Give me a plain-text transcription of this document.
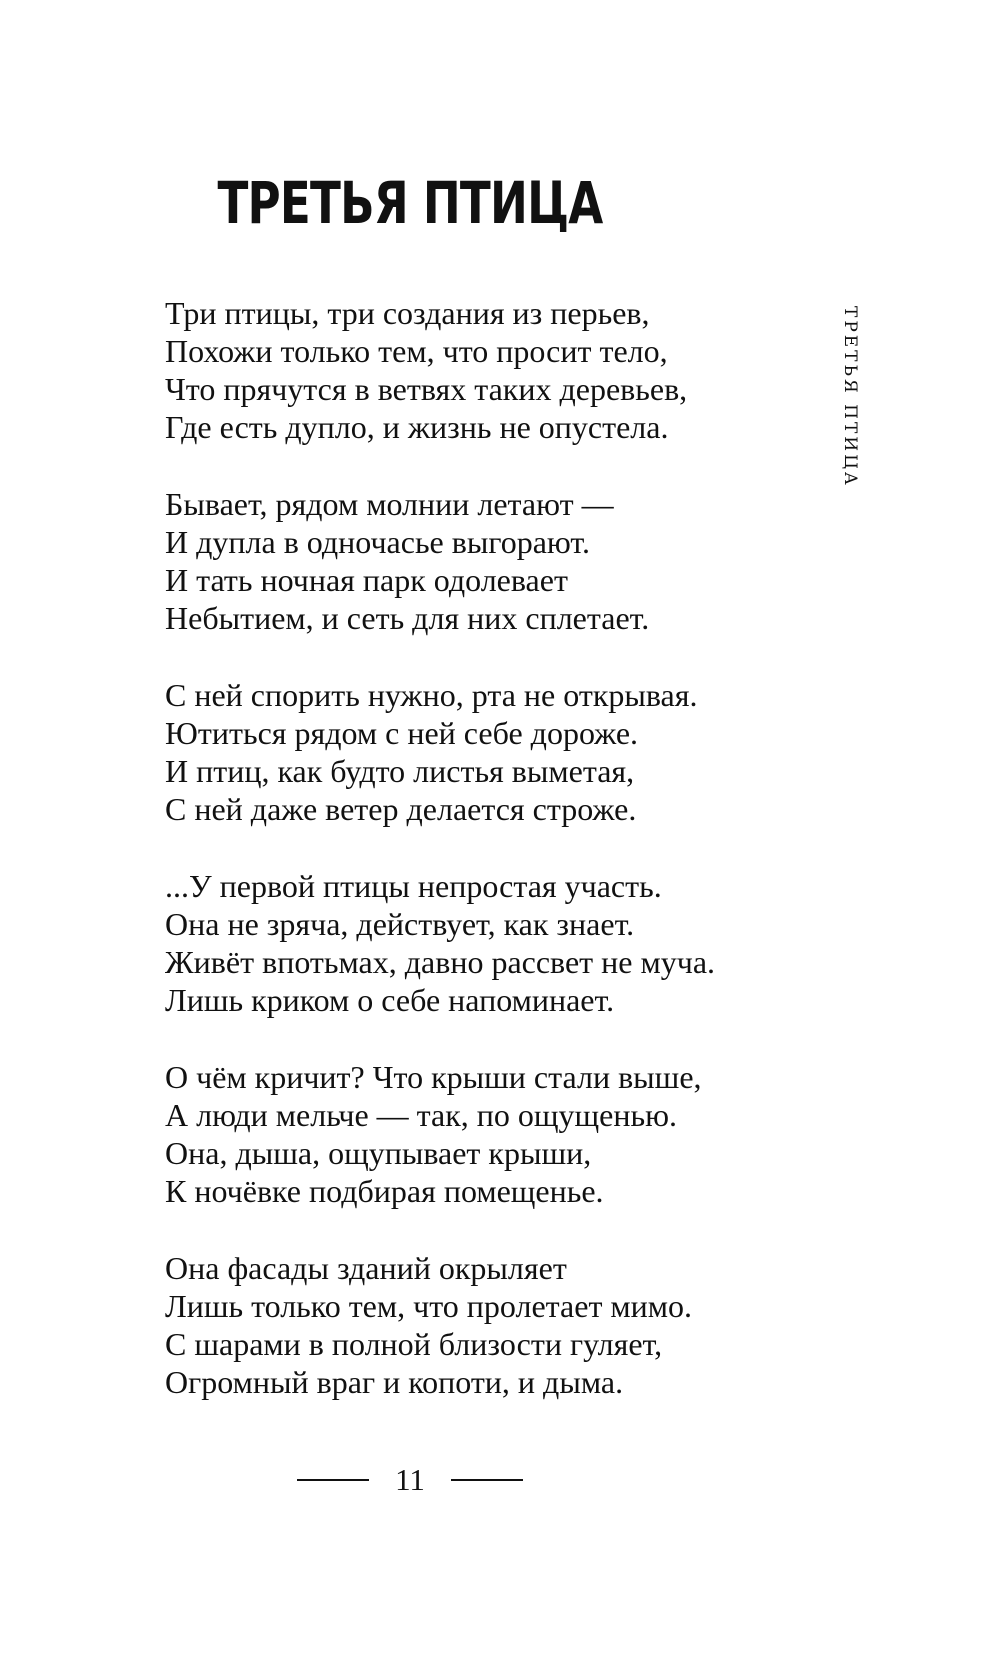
ТРЕТЬЯ ПТИЦА
ТРЕТЬЯ ПТИЦА
Три птицы, три создания из перьев,
Похожи только тем, что просит тело,
Что прячутся в ветвях таких деревьев,
Где есть дупло, и жизнь не опустела.
Бывает, рядом молнии летают —
И дупла в одночасье выгорают.
И тать ночная парк одолевает
Небытием, и сеть для них сплетает.
С ней спорить нужно, рта не открывая.
Ютиться рядом с ней себе дороже.
И птиц, как будто листья выметая,
С ней даже ветер делается строже.
...У первой птицы непростая участь.
Она не зряча, действует, как знает.
Живёт впотьмах, давно рассвет не муча.
Лишь криком о себе напоминает.
О чём кричит? Что крыши стали выше,
А люди мельче — так, по ощущенью.
Она, дыша, ощупывает крыши,
К ночёвке подбирая помещенье.
Она фасады зданий окрыляет
Лишь только тем, что пролетает мимо.
С шарами в полной близости гуляет,
Огромный враг и копоти, и дыма.
11
